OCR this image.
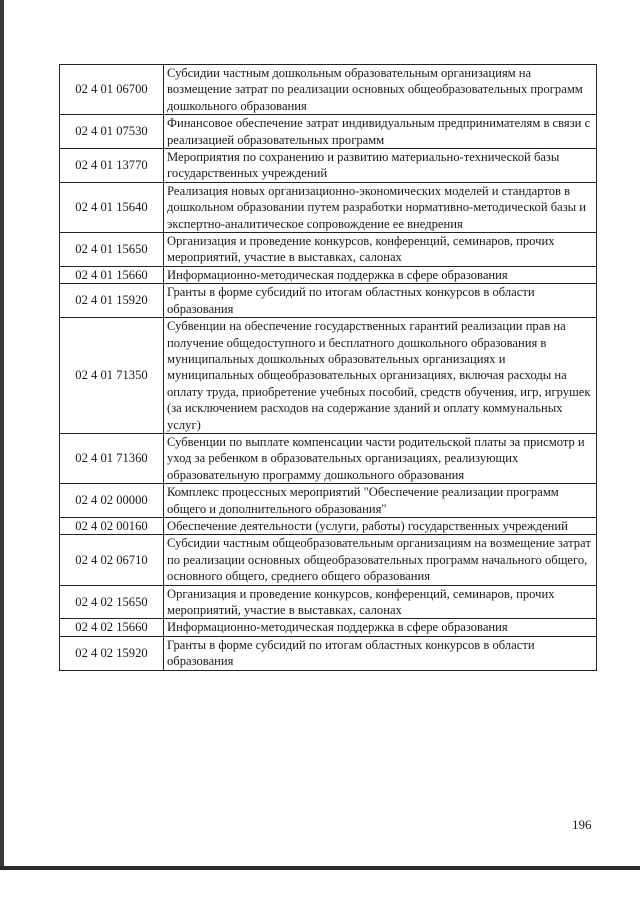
02 4 01 06700	Субсидии частным дошкольным образовательным организациям на возмещение затрат по реализации основных общеобразовательных программ дошкольного образования
02 4 01 07530	Финансовое обеспечение затрат индивидуальным предпринимателям в связи с реализацией образовательных программ
02 4 01 13770	Мероприятия по сохранению и развитию материально-технической базы государственных учреждений
02 4 01 15640	Реализация новых организационно-экономических моделей и стандартов в дошкольном образовании путем разработки нормативно-методической базы и экспертно-аналитическое сопровождение ее внедрения
02 4 01 15650	Организация и проведение конкурсов, конференций, семинаров, прочих мероприятий, участие в выставках, салонах
02 4 01 15660	Информационно-методическая поддержка в сфере образования
02 4 01 15920	Гранты в форме субсидий по итогам областных конкурсов в области образования
02 4 01 71350	Субвенции на обеспечение государственных гарантий реализации прав на получение общедоступного и бесплатного дошкольного образования в муниципальных дошкольных образовательных организациях и муниципальных общеобразовательных организациях, включая расходы на оплату труда, приобретение учебных пособий, средств обучения, игр, игрушек (за исключением расходов на содержание зданий и оплату коммунальных услуг)
02 4 01 71360	Субвенции по выплате компенсации части родительской платы за присмотр и уход за ребенком в образовательных организациях, реализующих образовательную программу дошкольного образования
02 4 02 00000	Комплекс процессных мероприятий "Обеспечение реализации программ общего и дополнительного образования"
02 4 02 00160	Обеспечение деятельности (услуги, работы) государственных учреждений
02 4 02 06710	Субсидии частным общеобразовательным организациям на возмещение затрат по реализации основных общеобразовательных программ начального общего, основного общего, среднего общего образования
02 4 02 15650	Организация и проведение конкурсов, конференций, семинаров, прочих мероприятий, участие в выставках, салонах
02 4 02 15660	Информационно-методическая поддержка в сфере образования
02 4 02 15920	Гранты в форме субсидий по итогам областных конкурсов в области образования
196
